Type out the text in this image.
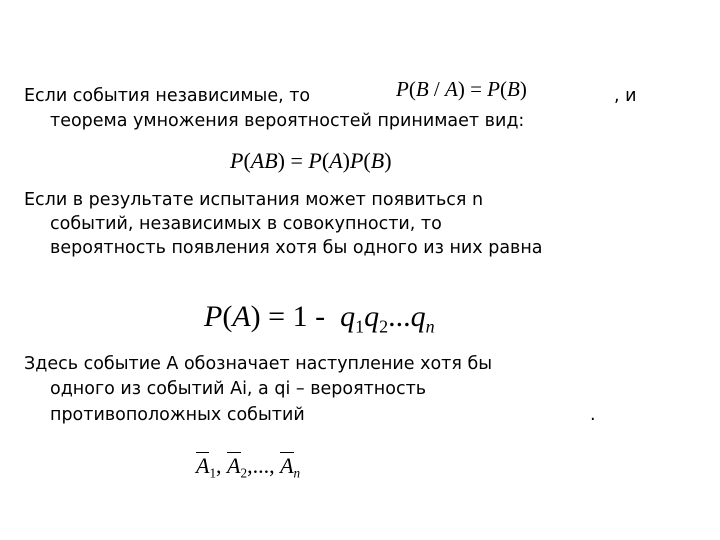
Если события независимые, то	P(B / A) = P(B)	, и
теорема умножения вероятностей принимает вид:
P(AB) = P(A)P(B)
Если в результате испытания может появиться n
событий, независимых в совокупности, то
вероятность появления хотя бы одного из них равна
$P(A) = 1 - q_1q_2...q_n$
Здесь событие А обозначает наступление хотя бы
одного из событий Аi, а qi – вероятность
противоположных событий	.
$A_1$, $A_2$,..., $A_n$
